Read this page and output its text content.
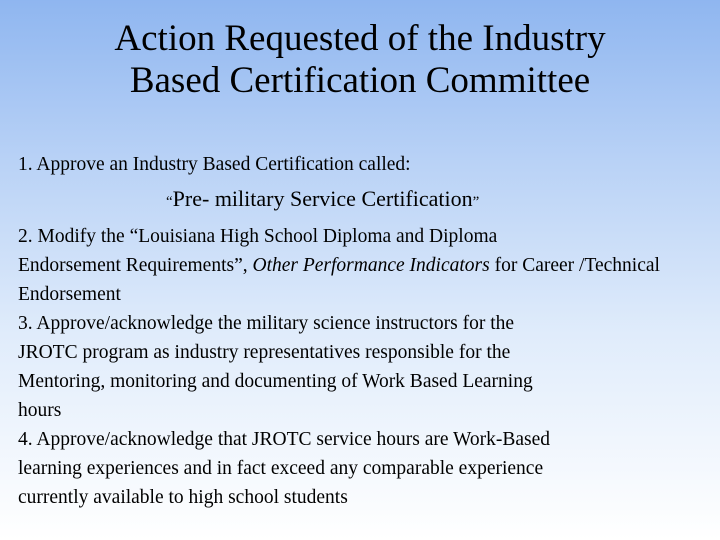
Action Requested of the Industry
Based Certification Committee

1. Approve an Industry Based Certification called:

“Pre- military Service Certification”

2. Modify the “Louisiana High School Diploma and Diploma

Endorsement Requirements”, Other Performance Indicators for Career /Technical Endorsement

3. Approve/acknowledge the military science instructors for the

JROTC program as industry representatives responsible for the

Mentoring, monitoring and documenting of Work Based Learning

hours

4. Approve/acknowledge that JROTC service hours are Work-Based

learning experiences and in fact exceed any comparable experience

currently available to high school students
